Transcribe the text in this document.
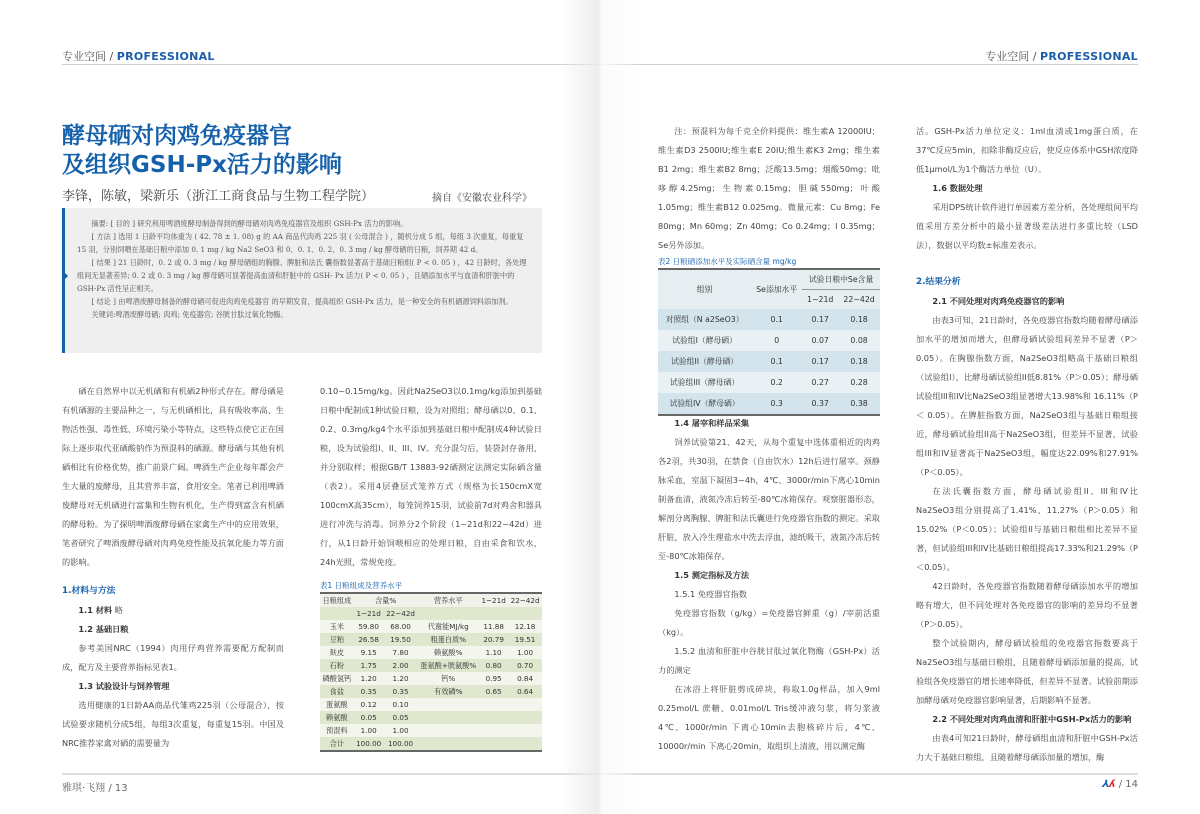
专业空间 / PROFESSIONAL
酵母硒对肉鸡免疫器官
及组织GSH-Px活力的影响
李锋，陈敏，梁新乐（浙江工商食品与生物工程学院）	摘自《安徽农业科学》

摘要: [ 目的 ] 研究利用啤酒废酵母制备得到的酵母硒对肉鸡免疫器官及组织 GSH-Px 活力的影响。

[ 方法 ] 选用 1 日龄平均体重为 ( 42. 78 ± 1. 08) g 的 AA 商品代肉鸡 225 羽 ( 公母混合 ) ，随机分成 5 组，每组 3 次重复，每重复 15 羽，分别饲喂在基础日粮中添加 0. 1 mg / kg Na2 SeO3 和 0、0. 1、0. 2、0. 3 mg / kg 酵母硒的日粮，饲养期 42 d。

[ 结果 ] 21 日龄时，0. 2 或 0. 3 mg / kg 酵母硒组的胸腺、脾脏和法氏 囊指数显著高于基础日粮组( P < 0. 05 ) ，42 日龄时，各处理组间无显著差异; 0. 2 或 0. 3 mg / kg 酵母硒可显著提高血清和肝脏中的 GSH- Px 活力( P < 0. 05 ) ，且硒添加水平与血清和肝脏中的 GSH-Px 活性呈正相关。

[ 结论 ] 由啤酒废酵母制备的酵母硒可促进肉鸡免疫器官 的早期发育，提高组织 GSH-Px 活力，是一种安全的有机硒源饲料添加剂。

关键词:啤酒废酵母硒; 肉鸡; 免疫器官; 谷胱甘肽过氧化物酶。

硒在自然界中以无机硒和有机硒2种形式存在。酵母硒是有机硒源的主要品种之一，与无机硒相比，具有吸收率高、生物活性强、毒性低、环境污染小等特点，这些特点使它正在国际上逐步取代亚硒酸钠作为预混料的硒源。酵母硒与其他有机硒相比有价格优势，推广前景广阔。啤酒生产企业每年都会产生大量的废酵母，且其营养丰富，食用安全。笔者已利用啤酒废酵母对无机硒进行富集和生物有机化，生产得到富含有机硒的酵母粉。为了探明啤酒废酵母硒在家禽生产中的应用效果，笔者研究了啤酒废酵母硒对肉鸡免疫性能及抗氧化能力等方面的影响。

1.材料与方法

1.1 材料 略

1.2 基础日粮

参考美国NRC（1994）肉用仔鸡营养需要配方配制而成，配方及主要营养指标见表1。

1.3 试验设计与饲养管理

选用健康的1日龄AA商品代雏鸡225羽（公母混合），按试验要求随机分成5组，每组3次重复，每重复15羽。中国及NRC推荐家禽对硒的需要量为

0.10~0.15mg/kg。因此Na2SeO3以0.1mg/kg添加到基础日粮中配制成1种试验日粮，设为对照组；酵母硒以0、0.1、0.2、0.3mg/kg4个水平添加到基础日粮中配制成4种试验日粮，设为试验组I、II、III、IV。充分混匀后，装袋封存备用，并分别取样；根据GB/T 13883-92硒测定法测定实际硒含量（表2）。采用4层叠层式笼养方式（规格为长150cmX宽100cmX高35cm），每笼饲养15羽，试验前7d对鸡舍和器具进行冲洗与消毒。饲养分2个阶段（1~21d和22~42d）进行，从1日龄开始饲喂相应的处理日粮，自由采食和饮水，24h光照，常规免疫。

表1 日粮组成及营养水平

日粮组成	含量%		营养水平	1~21d	22~42d
	1~21d	22~42d			
玉米	59.80	68.00	代谢能MJ/kg	11.88	12.18
豆粕	26.58	19.50	粗蛋白质%	20.79	19.51
麸皮	9.15	7.80	赖氨酸%	1.10	1.00
石粉	1.75	2.00	蛋氨酸+胱氨酸%	0.80	0.70
磷酸氢钙	1.20	1.20	钙%	0.95	0.84
食盐	0.35	0.35	有效磷%	0.65	0.64
蛋氨酸	0.12	0.10			
赖氨酸	0.05	0.05			
预混料	1.00	1.00			
合计	100.00	100.00			
雅琪·飞翔 / 13
专业空间 / PROFESSIONAL

注：预混料为每千克全价料提供：维生素A 12000IU；维生素D3 2500IU;维生素E 20IU;维生素K3 2mg；维生素B1 2mg；维生素B2 8mg；泛酸13.5mg；烟酸50mg；吡哆醇4.25mg；生物素0.15mg；胆碱550mg；叶酸1.05mg；维生素B12 0.025mg。微量元素：Cu 8mg；Fe 80mg；Mn 60mg；Zn 40mg；Co 0.24mg；I 0.35mg；Se另外添加。

表2 日粮硒添加水平及实际硒含量 mg/kg

组别	Se添加水平	试验日粮中Se含量	
		1~21d	22~42d
对照组（N a2SeO3）	0.1	0.17	0.18
试验组I（酵母硒）	0	0.07	0.08
试验组II（酵母硒）	0.1	0.17	0.18
试验组III（酵母硒）	0.2	0.27	0.28
试验组IV（酵母硒）	0.3	0.37	0.38

1.4 屠宰和样品采集

饲养试验第21、42天，从每个重复中选体重相近的肉鸡各2羽，共30羽，在禁食（自由饮水）12h后进行屠宰。颈静脉采血，室温下凝固3~4h，4℃、3000r/min下离心10min制备血清，液氮冷冻后转至-80℃冰箱保存。观察脏器形态，解剖分离胸腺、脾脏和法氏囊进行免疫器官指数的测定。采取肝脏，放入冷生理盐水中洗去浮血，滤纸吸干，液氮冷冻后转至-80℃冰箱保存。

1.5 测定指标及方法

1.5.1 免疫器官指数

免疫器官指数（g/kg）=免疫器官鲜重（g）/宰前活重（kg）。

1.5.2 血清和肝脏中谷胱甘肽过氧化物酶（GSH-Px）活力的测定

在冰浴上将肝脏剪成碎块，称取1.0g样品，加入9ml 0.25mol/L 蔗糖、0.01mol/L Tris缓冲液匀浆，将匀浆液4℃、1000r/min 下离心10min去胞核碎片后，4℃、10000r/min 下离心20min，取组织上清液，用以测定酶

活。GSH-Px活力单位定义：1ml血清或1mg蛋白质，在37℃反应5min，扣除非酶反应后，使反应体系中GSH浓度降低1μmol/L为1个酶活力单位（U）。

1.6 数据处理

采用DPS统计软件进行单因素方差分析，各处理组间平均值采用方差分析中的最小显著级差法进行多重比较（LSD法），数据以平均数±标准差表示。

2.结果分析

2.1 不同处理对肉鸡免疫器官的影响

由表3可知，21日龄时，各免疫器官指数均随着酵母硒添加水平的增加而增大，但酵母硒试验组间差异不显著（P＞0.05）。在胸腺指数方面，Na2SeO3组略高于基础日粮组（试验组I），比酵母硒试验组II低8.81%（P＞0.05）；酵母硒试验组III和IV比Na2SeO3组显著增大13.98%和 16.11%（P＜ 0.05）。在脾脏指数方面，Na2SeO3组与基础日粮组接近，酵母硒试验组II高于Na2SeO3组，但差异不显著，试验组III和IV显著高于Na2SeO3组，幅度达22.09%和27.91%（P＜0.05）。

在法氏囊指数方面，酵母硒试验组II、III和IV比Na2SeO3组分别提高了1.41%、11.27%（P＞0.05）和15.02%（P＜0.05）；试验组II与基础日粮组相比差异不显著，但试验组III和IV比基础日粮组提高17.33%和21.29%（P＜0.05）。

42日龄时，各免疫器官指数随着酵母硒添加水平的增加略有增大，但不同处理对各免疫器官的影响的差异均不显著（P＞0.05）。

整个试验期内，酵母硒试验组的免疫器官指数要高于Na2SeO3组与基础日粮组，且随着酵母硒添加量的提高，试验组各免疫器官的增长速率降低，但差异不显著。试验前期添加酵母硒对免疫器官影响显著，后期影响不显著。

2.2 不同处理对肉鸡血清和肝脏中GSH-Px活力的影响

由表4可知21日龄时，酵母硒组血清和肝脏中GSH-Px活力大于基础日粮组，且随着酵母硒添加量的增加，酶

⅄ʎ / 14
